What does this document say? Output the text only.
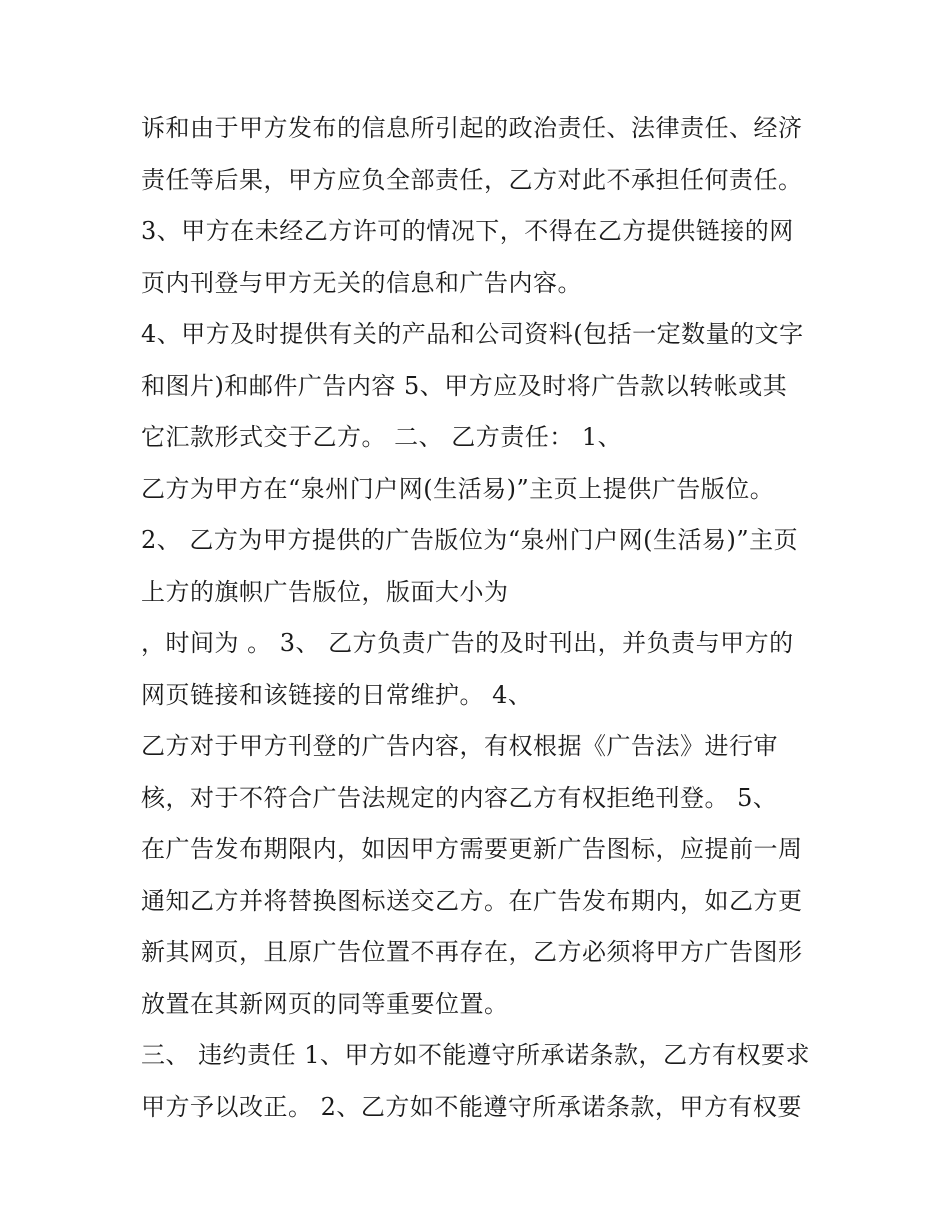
诉和由于甲方发布的信息所引起的政治责任、法律责任、经济
责任等后果，甲方应负全部责任，乙方对此不承担任何责任。
3、甲方在未经乙方许可的情况下，不得在乙方提供链接的网
页内刊登与甲方无关的信息和广告内容。
4、甲方及时提供有关的产品和公司资料(包括一定数量的文字
和图片)和邮件广告内容 5、甲方应及时将广告款以转帐或其
它汇款形式交于乙方。 二、 乙方责任： 1、
乙方为甲方在“泉州门户网(生活易)”主页上提供广告版位。
2、 乙方为甲方提供的广告版位为“泉州门户网(生活易)”主页
上方的旗帜广告版位，版面大小为
，时间为 。 3、 乙方负责广告的及时刊出，并负责与甲方的
网页链接和该链接的日常维护。 4、
乙方对于甲方刊登的广告内容，有权根据《广告法》进行审
核，对于不符合广告法规定的内容乙方有权拒绝刊登。 5、
在广告发布期限内，如因甲方需要更新广告图标，应提前一周
通知乙方并将替换图标送交乙方。在广告发布期内，如乙方更
新其网页，且原广告位置不再存在，乙方必须将甲方广告图形
放置在其新网页的同等重要位置。
三、 违约责任 1、甲方如不能遵守所承诺条款，乙方有权要求
甲方予以改正。 2、乙方如不能遵守所承诺条款，甲方有权要
